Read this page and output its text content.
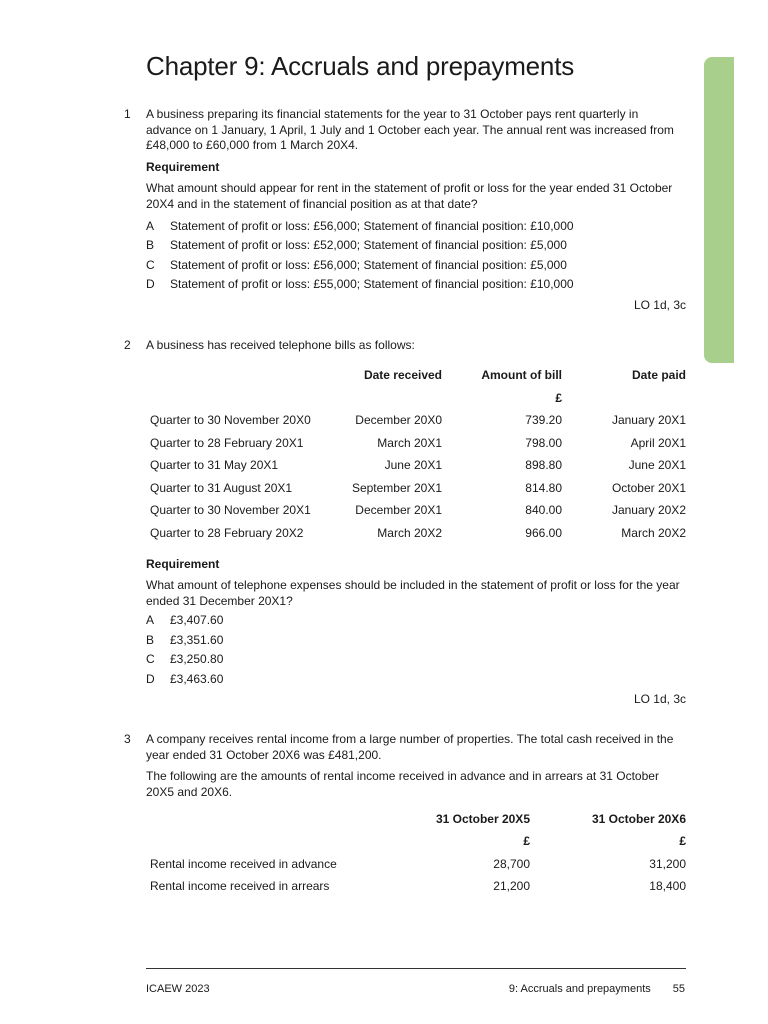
Chapter 9: Accruals and prepayments
1 A business preparing its financial statements for the year to 31 October pays rent quarterly in advance on 1 January, 1 April, 1 July and 1 October each year. The annual rent was increased from £48,000 to £60,000 from 1 March 20X4.

Requirement

What amount should appear for rent in the statement of profit or loss for the year ended 31 October 20X4 and in the statement of financial position as at that date?

A	Statement of profit or loss: £56,000; Statement of financial position: £10,000
B	Statement of profit or loss: £52,000; Statement of financial position: £5,000
C	Statement of profit or loss: £56,000; Statement of financial position: £5,000
D	Statement of profit or loss: £55,000; Statement of financial position: £10,000

LO 1d, 3c

2 A business has received telephone bills as follows:

	Date received	Amount of bill	Date paid
		£	
Quarter to 30 November 20X0	December 20X0	739.20	January 20X1
Quarter to 28 February 20X1	March 20X1	798.00	April 20X1
Quarter to 31 May 20X1	June 20X1	898.80	June 20X1
Quarter to 31 August 20X1	September 20X1	814.80	October 20X1
Quarter to 30 November 20X1	December 20X1	840.00	January 20X2
Quarter to 28 February 20X2	March 20X2	966.00	March 20X2

Requirement

What amount of telephone expenses should be included in the statement of profit or loss for the year ended 31 December 20X1?

A	£3,407.60
B	£3,351.60
C	£3,250.80
D	£3,463.60

LO 1d, 3c

3 A company receives rental income from a large number of properties. The total cash received in the year ended 31 October 20X6 was £481,200.

The following are the amounts of rental income received in advance and in arrears at 31 October 20X5 and 20X6.

	31 October 20X5	31 October 20X6
	£	£
Rental income received in advance	28,700	31,200
Rental income received in arrears	21,200	18,400
ICAEW 2023	9: Accruals and prepayments 55
